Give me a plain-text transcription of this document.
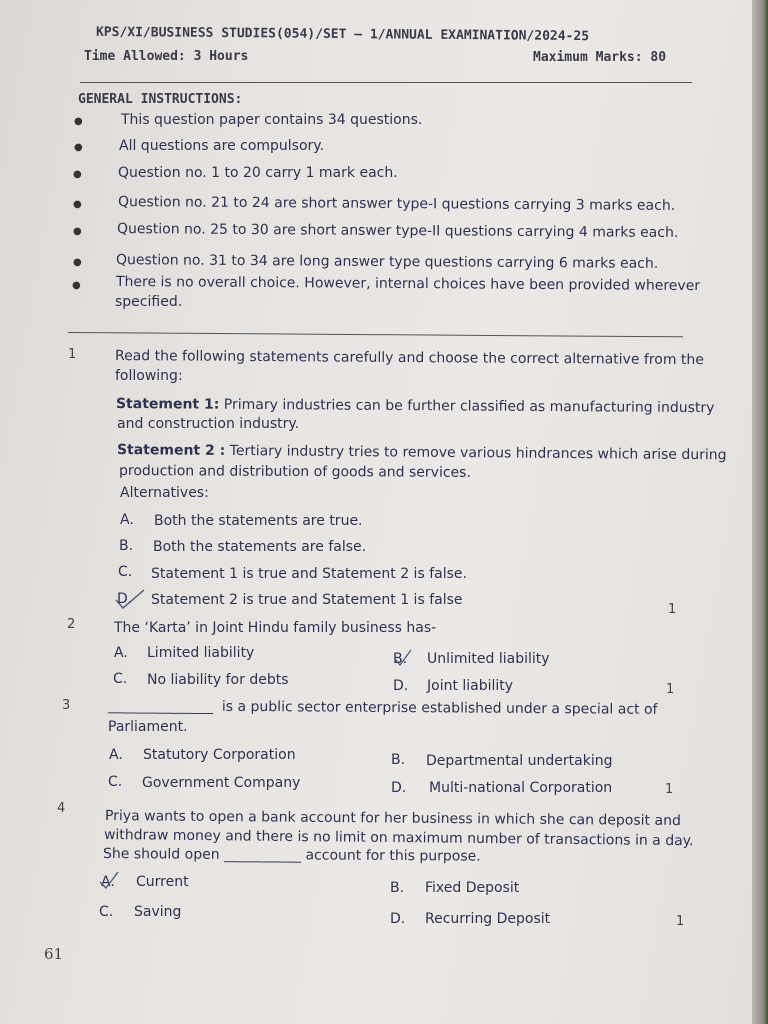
KPS/XI/BUSINESS STUDIES(054)/SET – 1/ANNUAL EXAMINATION/2024-25
Time Allowed: 3 Hours	Maximum Marks: 80
GENERAL INSTRUCTIONS:
●	This question paper contains 34 questions.
●	All questions are compulsory.
●	Question no. 1 to 20 carry 1 mark each.
●	Question no. 21 to 24 are short answer type-I questions carrying 3 marks each.
●	Question no. 25 to 30 are short answer type-II questions carrying 4 marks each.
● Question no. 31 to 34 are long answer type questions carrying 6 marks each.
●	There is no overall choice. However, internal choices have been provided wherever
specified.
1	Read the following statements carefully and choose the correct alternative from the
following:
Statement 1: Primary industries can be further classified as manufacturing industry
and construction industry.
Statement 2 : Tertiary industry tries to remove various hindrances which arise during
production and distribution of goods and services.
Alternatives:
A. Both the statements are true.
B. Both the statements are false.
C. Statement 1 is true and Statement 2 is false.
D. Statement 2 is true and Statement 1 is false
1
2	The ‘Karta’ in Joint Hindu family business has-
A. Limited liability	B. Unlimited liability
C. No liability for debts	D. Joint liability	1
3	_______________ is a public sector enterprise established under a special act of
Parliament.
A. Statutory Corporation	B. Departmental undertaking
C. Government Company	D. Multi-national Corporation	1
4	Priya wants to open a bank account for her business in which she can deposit and
withdraw money and there is no limit on maximum number of transactions in a day.
She should open ___________ account for this purpose.
A. Current	B. Fixed Deposit
C. Saving	D. Recurring Deposit	1
61
